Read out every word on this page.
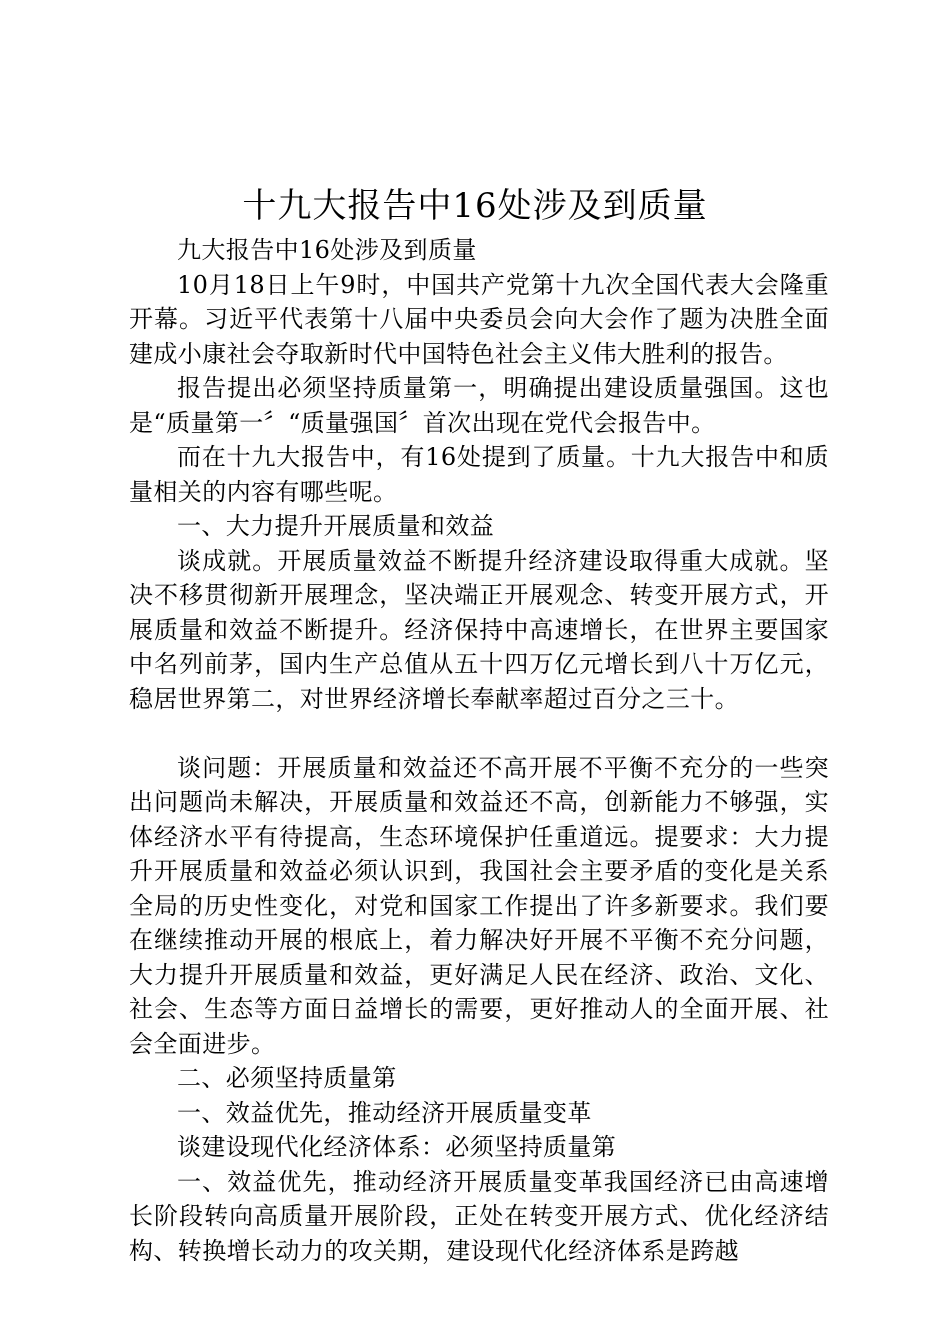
十九大报告中16处涉及到质量

九大报告中16处涉及到质量

10月18日上午9时，中国共产党第十九次全国代表大会隆重开幕。习近平代表第十八届中央委员会向大会作了题为决胜全面建成小康社会夺取新时代中国特色社会主义伟大胜利的报告。

报告提出必须坚持质量第一，明确提出建设质量强国。这也是“质量第一〞“质量强国〞首次出现在党代会报告中。

而在十九大报告中，有16处提到了质量。十九大报告中和质量相关的内容有哪些呢。

一、大力提升开展质量和效益

谈成就。开展质量效益不断提升经济建设取得重大成就。坚决不移贯彻新开展理念，坚决端正开展观念、转变开展方式，开展质量和效益不断提升。经济保持中高速增长，在世界主要国家中名列前茅，国内生产总值从五十四万亿元增长到八十万亿元，稳居世界第二，对世界经济增长奉献率超过百分之三十。

谈问题：开展质量和效益还不高开展不平衡不充分的一些突出问题尚未解决，开展质量和效益还不高，创新能力不够强，实体经济水平有待提高，生态环境保护任重道远。提要求：大力提升开展质量和效益必须认识到，我国社会主要矛盾的变化是关系全局的历史性变化，对党和国家工作提出了许多新要求。我们要在继续推动开展的根底上，着力解决好开展不平衡不充分问题，大力提升开展质量和效益，更好满足人民在经济、政治、文化、社会、生态等方面日益增长的需要，更好推动人的全面开展、社会全面进步。

二、必须坚持质量第

一、效益优先，推动经济开展质量变革

谈建设现代化经济体系：必须坚持质量第

一、效益优先，推动经济开展质量变革我国经济已由高速增长阶段转向高质量开展阶段，正处在转变开展方式、优化经济结构、转换增长动力的攻关期，建设现代化经济体系是跨越
